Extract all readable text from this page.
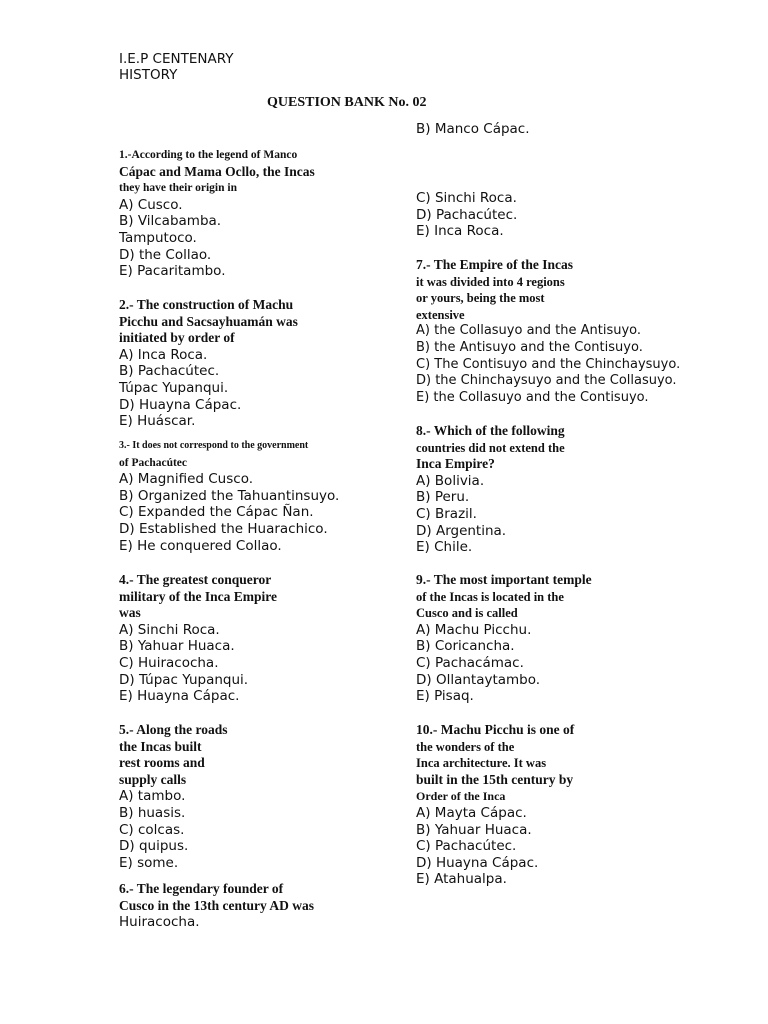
I.E.P CENTENARY
HISTORY
QUESTION BANK No. 02
1.-According to the legend of Manco
Cápac and Mama Ocllo, the Incas
they have their origin in
A) Cusco.
B) Vilcabamba.
Tamputoco.
D) the Collao.
E) Pacaritambo.
2.- The construction of Machu
Picchu and Sacsayhuamán was
initiated by order of
A) Inca Roca.
B) Pachacútec.
Túpac Yupanqui.
D) Huayna Cápac.
E) Huáscar.
3.- It does not correspond to the government
of Pachacútec
A) Magnified Cusco.
B) Organized the Tahuantinsuyo.
C) Expanded the Cápac Ñan.
D) Established the Huarachico.
E) He conquered Collao.
4.- The greatest conqueror
military of the Inca Empire
was
A) Sinchi Roca.
B) Yahuar Huaca.
C) Huiracocha.
D) Túpac Yupanqui.
E) Huayna Cápac.
5.- Along the roads
the Incas built
rest rooms and
supply calls
A) tambo.
B) huasis.
C) colcas.
D) quipus.
E) some.
6.- The legendary founder of
Cusco in the 13th century AD was
Huiracocha.
B) Manco Cápac.
C) Sinchi Roca.
D) Pachacútec.
E) Inca Roca.
7.- The Empire of the Incas
it was divided into 4 regions
or yours, being the most
extensive
A) the Collasuyo and the Antisuyo.
B) the Antisuyo and the Contisuyo.
C) The Contisuyo and the Chinchaysuyo.
D) the Chinchaysuyo and the Collasuyo.
E) the Collasuyo and the Contisuyo.
8.- Which of the following
countries did not extend the
Inca Empire?
A) Bolivia.
B) Peru.
C) Brazil.
D) Argentina.
E) Chile.
9.- The most important temple
of the Incas is located in the
Cusco and is called
A) Machu Picchu.
B) Coricancha.
C) Pachacámac.
D) Ollantaytambo.
E) Pisaq.
10.- Machu Picchu is one of
the wonders of the
Inca architecture. It was
built in the 15th century by
Order of the Inca
A) Mayta Cápac.
B) Yahuar Huaca.
C) Pachacútec.
D) Huayna Cápac.
E) Atahualpa.
